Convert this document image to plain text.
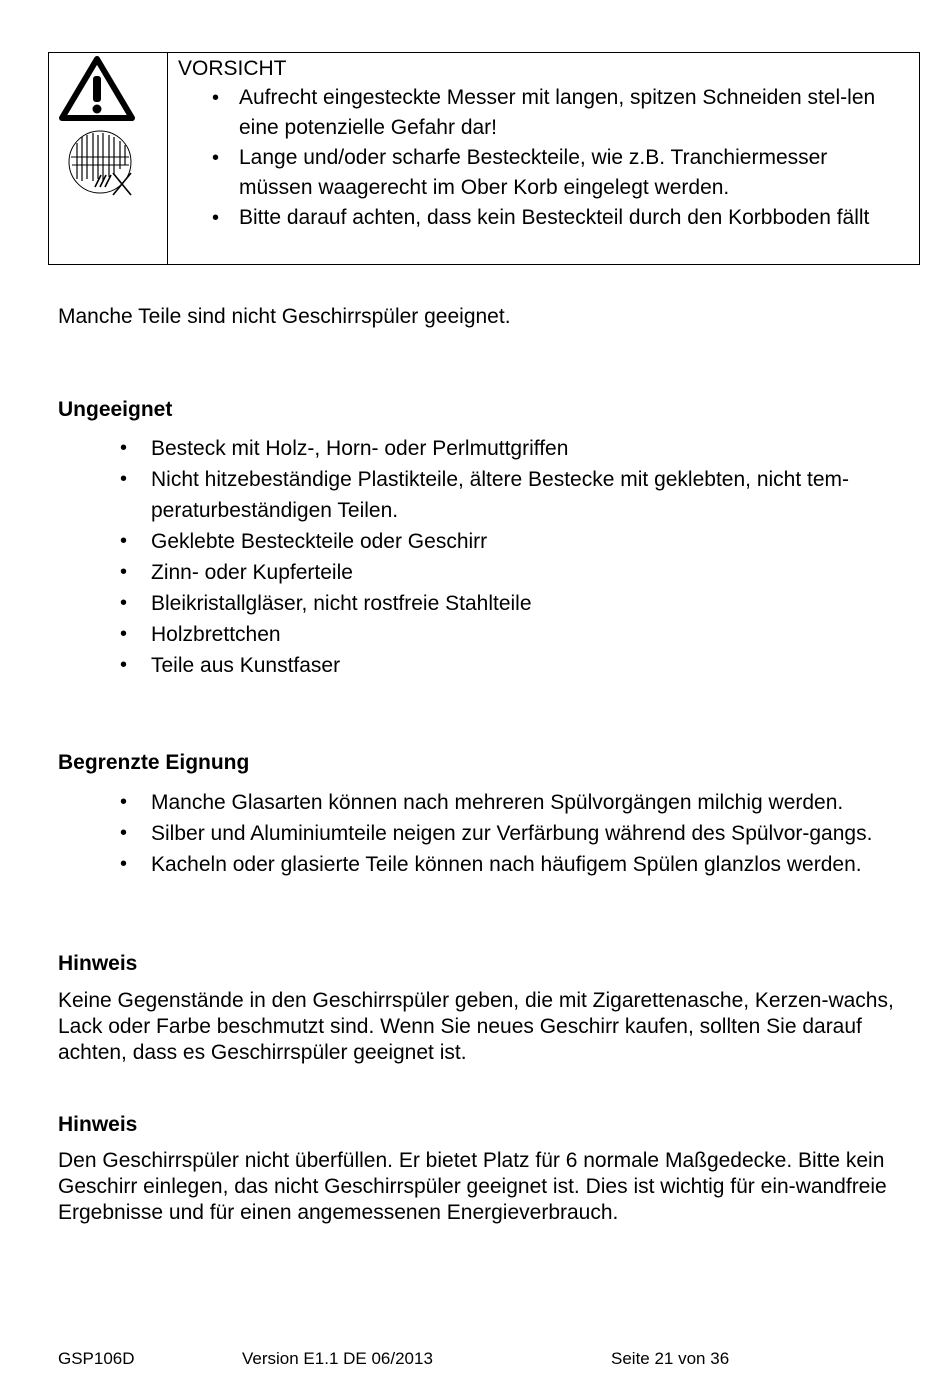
VORSICHT
• Aufrecht eingesteckte Messer mit langen, spitzen Schneiden stel-len eine potenzielle Gefahr dar!
• Lange und/oder scharfe Besteckteile, wie z.B. Tranchiermesser müssen waagerecht im Ober Korb eingelegt werden.
• Bitte darauf achten, dass kein Besteckteil durch den Korbboden fällt
Manche Teile sind nicht Geschirrspüler geeignet.
Ungeeignet
• Besteck mit Holz-, Horn- oder Perlmuttgriffen
• Nicht hitzebeständige Plastikteile, ältere Bestecke mit geklebten, nicht tem-peraturbeständigen Teilen.
• Geklebte Besteckteile oder Geschirr
• Zinn- oder Kupferteile
• Bleikristallgläser, nicht rostfreie Stahlteile
• Holzbrettchen
• Teile aus Kunstfaser
Begrenzte Eignung
• Manche Glasarten können nach mehreren Spülvorgängen milchig werden.
• Silber und Aluminiumteile neigen zur Verfärbung während des Spülvor-gangs.
• Kacheln oder glasierte Teile können nach häufigem Spülen glanzlos werden.
Hinweis
Keine Gegenstände in den Geschirrspüler geben, die mit Zigarettenasche, Kerzen-wachs, Lack oder Farbe beschmutzt sind. Wenn Sie neues Geschirr kaufen, sollten Sie darauf achten, dass es Geschirrspüler geeignet ist.
Hinweis
Den Geschirrspüler nicht überfüllen. Er bietet Platz für 6 normale Maßgedecke. Bitte kein Geschirr einlegen, das nicht Geschirrspüler geeignet ist. Dies ist wichtig für ein-wandfreie Ergebnisse und für einen angemessenen Energieverbrauch.
GSP106D	Version E1.1 DE 06/2013	Seite 21 von 36
